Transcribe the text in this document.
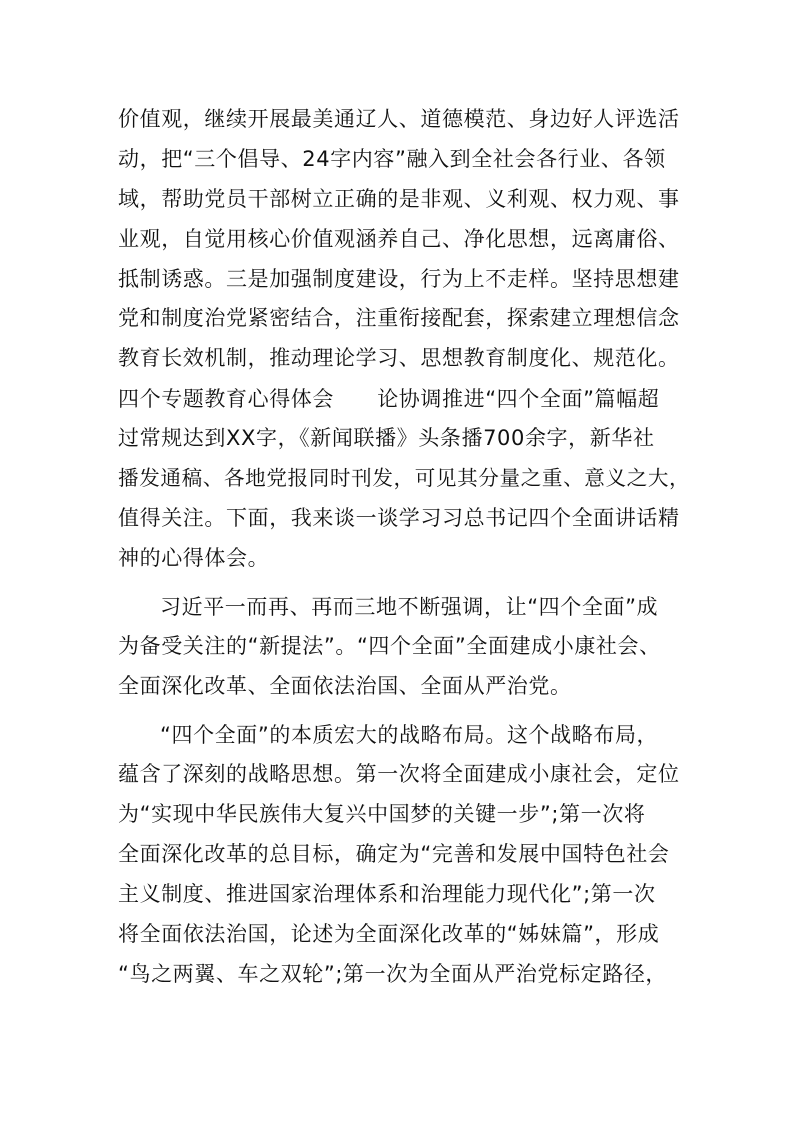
价值观，继续开展最美通辽人、道德模范、身边好人评选活

动，把“三个倡导、24字内容”融入到全社会各行业、各领

域，帮助党员干部树立正确的是非观、义利观、权力观、事

业观，自觉用核心价值观涵养自己、净化思想，远离庸俗、

抵制诱惑。三是加强制度建设，行为上不走样。坚持思想建

党和制度治党紧密结合，注重衔接配套，探索建立理想信念

教育长效机制，推动理论学习、思想教育制度化、规范化。

四个专题教育心得体会　　论协调推进“四个全面”篇幅超

过常规达到XX字，《新闻联播》头条播700余字，新华社

播发通稿、各地党报同时刊发，可见其分量之重、意义之大，

值得关注。下面，我来谈一谈学习习总书记四个全面讲话精

神的心得体会。

习近平一而再、再而三地不断强调，让“四个全面”成

为备受关注的“新提法”。“四个全面”全面建成小康社会、

全面深化改革、全面依法治国、全面从严治党。

“四个全面”的本质宏大的战略布局。这个战略布局，

蕴含了深刻的战略思想。第一次将全面建成小康社会，定位

为“实现中华民族伟大复兴中国梦的关键一步”;第一次将

全面深化改革的总目标，确定为“完善和发展中国特色社会

主义制度、推进国家治理体系和治理能力现代化”;第一次

将全面依法治国，论述为全面深化改革的“姊妹篇”，形成

“鸟之两翼、车之双轮”;第一次为全面从严治党标定路径，
